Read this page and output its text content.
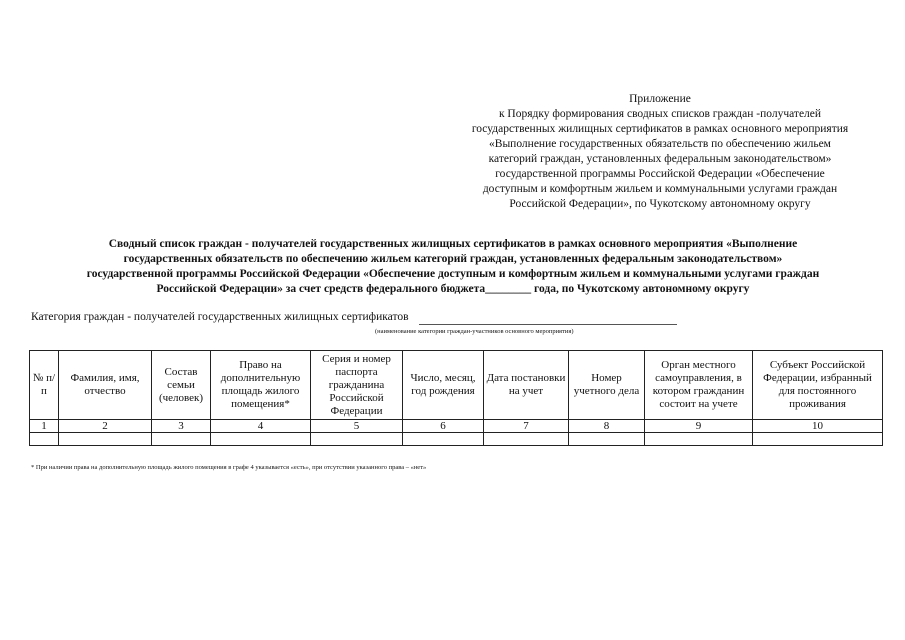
Приложение
к Порядку формирования сводных списков граждан -получателей
государственных жилищных сертификатов в рамках основного мероприятия
«Выполнение государственных обязательств по обеспечению жильем
категорий граждан, установленных федеральным законодательством»
государственной программы Российской Федерации «Обеспечение
доступным и комфортным жильем и коммунальными услугами граждан
Российской Федерации», по Чукотскому автономному округу
Сводный список граждан - получателей государственных жилищных сертификатов в рамках основного мероприятия «Выполнение
государственных обязательств по обеспечению жильем категорий граждан, установленных федеральным законодательством»
государственной программы Российской Федерации «Обеспечение доступным и комфортным жильем и коммунальными услугами граждан
Российской Федерации» за счет средств федерального бюджета________ года, по Чукотскому автономному округу
Категория граждан - получателей государственных жилищных сертификатов
(наименование категории граждан-участников основного мероприятия)
№ п/п	Фамилия, имя, отчество	Состав семьи (человек)	Право на дополнительную площадь жилого помещения*	Серия и номер паспорта гражданина Российской Федерации	Число, месяц, год рождения	Дата постановки на учет	Номер учетного дела	Орган местного самоуправления, в котором гражданин состоит на учете	Субъект Российской Федерации, избранный для постоянного проживания
1	2	3	4	5	6	7	8	9	10

* При наличии права на дополнительную площадь жилого помещения в графе 4 указывается «есть», при отсутствии указанного права – «нет»
